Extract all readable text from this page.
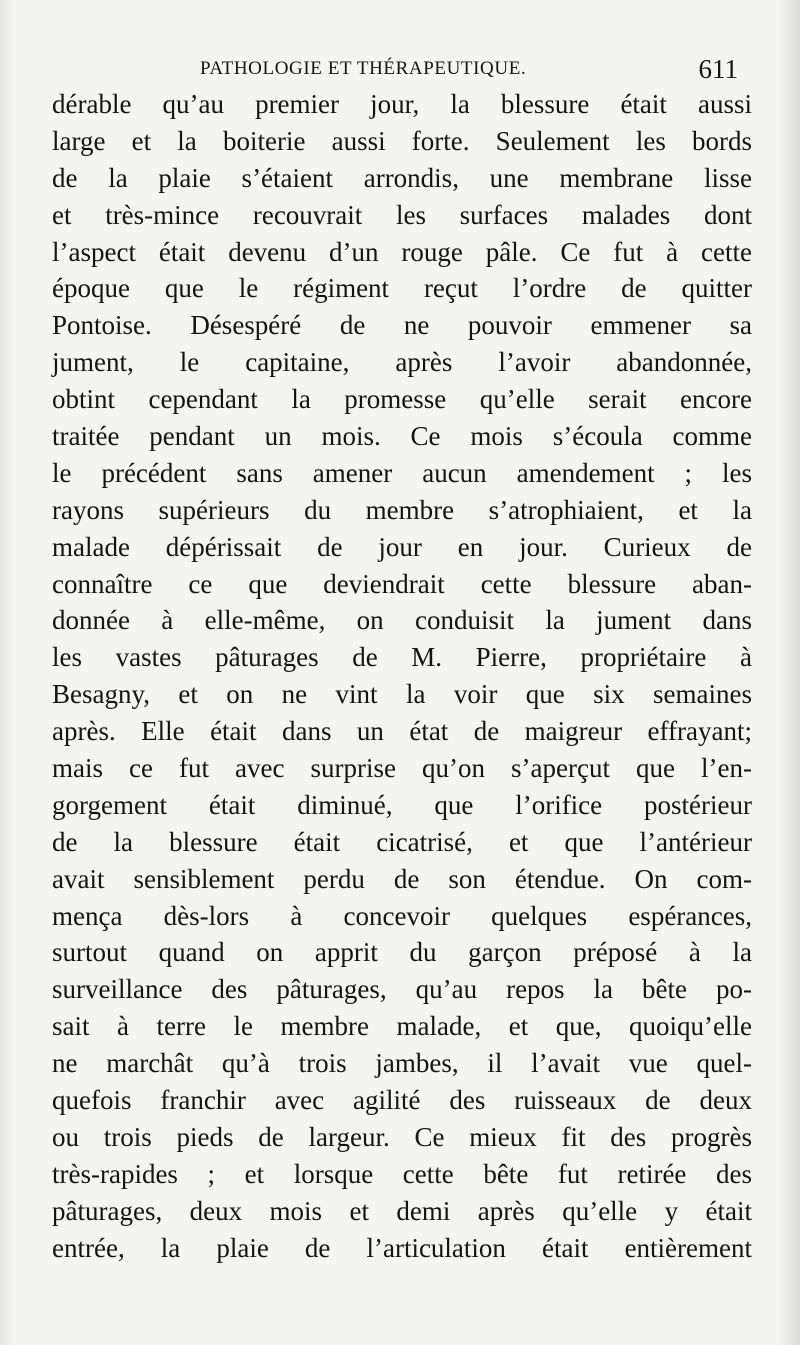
PATHOLOGIE ET THÉRAPEUTIQUE.	611
dérable qu’au premier jour, la blessure était aussi
large et la boiterie aussi forte. Seulement les bords
de la plaie s’étaient arrondis, une membrane lisse
et très-mince recouvrait les surfaces malades dont
l’aspect était devenu d’un rouge pâle. Ce fut à cette
époque que le régiment reçut l’ordre de quitter
Pontoise. Désespéré de ne pouvoir emmener sa
jument, le capitaine, après l’avoir abandonnée,
obtint cependant la promesse qu’elle serait encore
traitée pendant un mois. Ce mois s’écoula comme
le précédent sans amener aucun amendement ; les
rayons supérieurs du membre s’atrophiaient, et la
malade dépérissait de jour en jour. Curieux de
connaître ce que deviendrait cette blessure aban-
donnée à elle-même, on conduisit la jument dans
les vastes pâturages de M. Pierre, propriétaire à
Besagny, et on ne vint la voir que six semaines
après. Elle était dans un état de maigreur effrayant;
mais ce fut avec surprise qu’on s’aperçut que l’en-
gorgement était diminué, que l’orifice postérieur
de la blessure était cicatrisé, et que l’antérieur
avait sensiblement perdu de son étendue. On com-
mença dès-lors à concevoir quelques espérances,
surtout quand on apprit du garçon préposé à la
surveillance des pâturages, qu’au repos la bête po-
sait à terre le membre malade, et que, quoiqu’elle
ne marchât qu’à trois jambes, il l’avait vue quel-
quefois franchir avec agilité des ruisseaux de deux
ou trois pieds de largeur. Ce mieux fit des progrès
très-rapides ; et lorsque cette bête fut retirée des
pâturages, deux mois et demi après qu’elle y était
entrée, la plaie de l’articulation était entièrement
